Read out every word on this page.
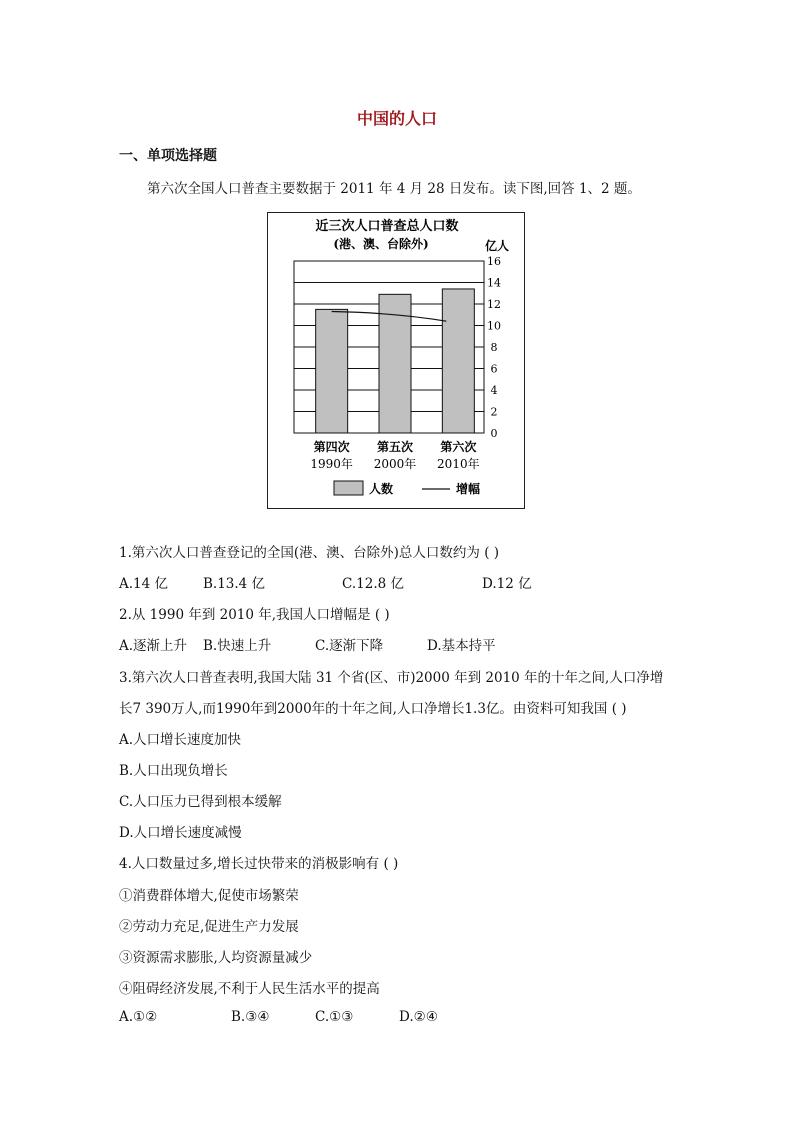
中国的人口
一、单项选择题
第六次全国人口普查主要数据于 2011 年 4 月 28 日发布。读下图,回答 1、2 题。
近三次人口普查总人口数
(港、澳、台除外)	亿人
0
2
4
6
8
10
12
14
16
第四次
1990年
第五次
2000年
第六次
2010年
人数	增幅
1.第六次人口普查登记的全国(港、澳、台除外)总人口数约为 ( )
A.14 亿	B.13.4 亿	C.12.8 亿	D.12 亿
2.从 1990 年到 2010 年,我国人口增幅是 ( )
A.逐渐上升 B.快速上升	C.逐渐下降	D.基本持平
3.第六次人口普查表明,我国大陆 31 个省(区、市)2000 年到 2010 年的十年之间,人口净增
长7 390万人,而1990年到2000年的十年之间,人口净增长1.3亿。由资料可知我国 ( )
A.人口增长速度加快
B.人口出现负增长
C.人口压力已得到根本缓解
D.人口增长速度减慢
4.人口数量过多,增长过快带来的消极影响有 ( )
①消费群体增大,促使市场繁荣
②劳动力充足,促进生产力发展
③资源需求膨胀,人均资源量减少
④阻碍经济发展,不利于人民生活水平的提高
A.①②	B.③④	C.①③	D.②④
